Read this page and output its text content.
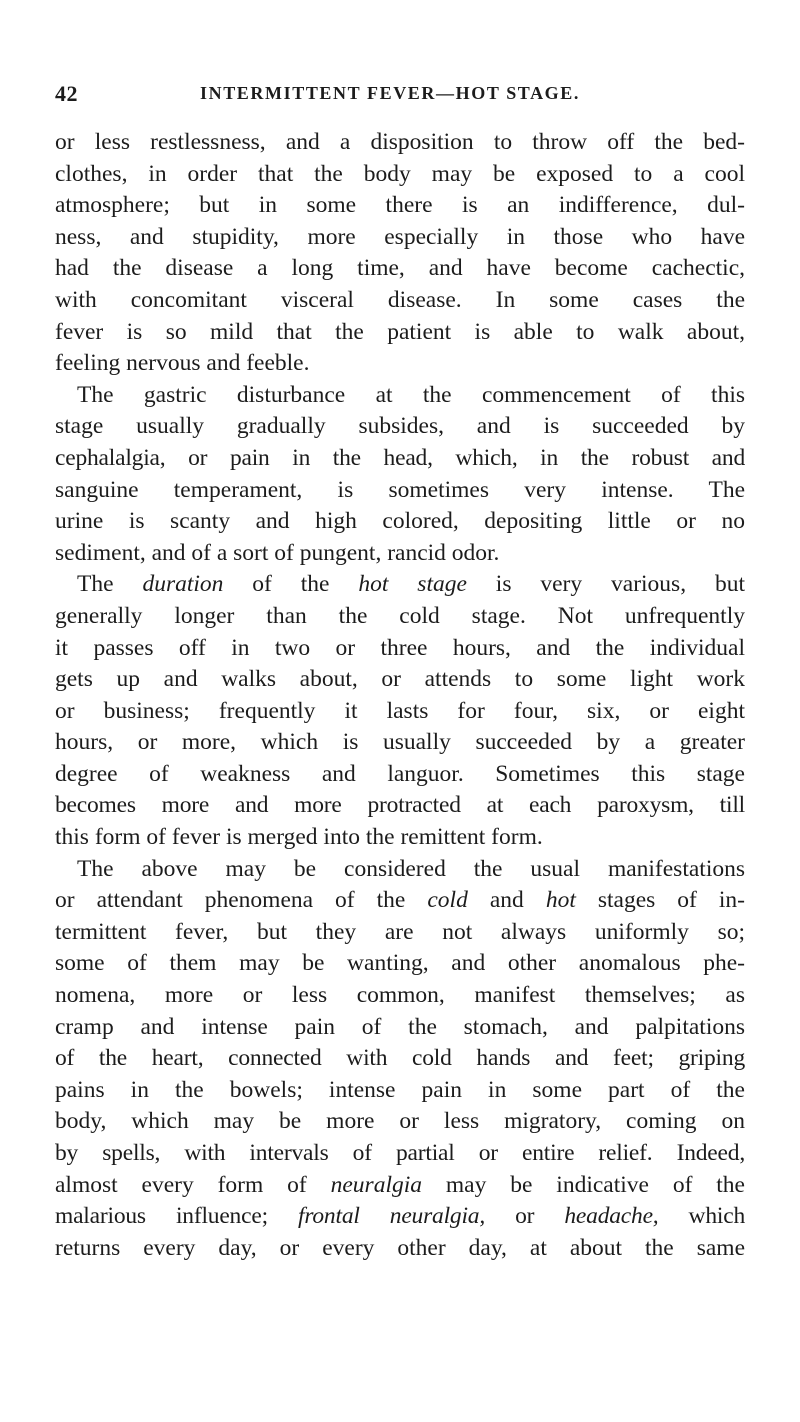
42	INTERMITTENT FEVER—HOT STAGE.
or less restlessness, and a disposition to throw off the bed-
clothes, in order that the body may be exposed to a cool
atmosphere; but in some there is an indifference, dul-
ness, and stupidity, more especially in those who have
had the disease a long time, and have become cachectic,
with concomitant visceral disease. In some cases the
fever is so mild that the patient is able to walk about,
feeling nervous and feeble.
The gastric disturbance at the commencement of this
stage usually gradually subsides, and is succeeded by
cephalalgia, or pain in the head, which, in the robust and
sanguine temperament, is sometimes very intense. The
urine is scanty and high colored, depositing little or no
sediment, and of a sort of pungent, rancid odor.
The duration of the hot stage is very various, but
generally longer than the cold stage. Not unfrequently
it passes off in two or three hours, and the individual
gets up and walks about, or attends to some light work
or business; frequently it lasts for four, six, or eight
hours, or more, which is usually succeeded by a greater
degree of weakness and languor. Sometimes this stage
becomes more and more protracted at each paroxysm, till
this form of fever is merged into the remittent form.
The above may be considered the usual manifestations
or attendant phenomena of the cold and hot stages of in-
termittent fever, but they are not always uniformly so;
some of them may be wanting, and other anomalous phe-
nomena, more or less common, manifest themselves; as
cramp and intense pain of the stomach, and palpitations
of the heart, connected with cold hands and feet; griping
pains in the bowels; intense pain in some part of the
body, which may be more or less migratory, coming on
by spells, with intervals of partial or entire relief. Indeed,
almost every form of neuralgia may be indicative of the
malarious influence; frontal neuralgia, or headache, which
returns every day, or every other day, at about the same
